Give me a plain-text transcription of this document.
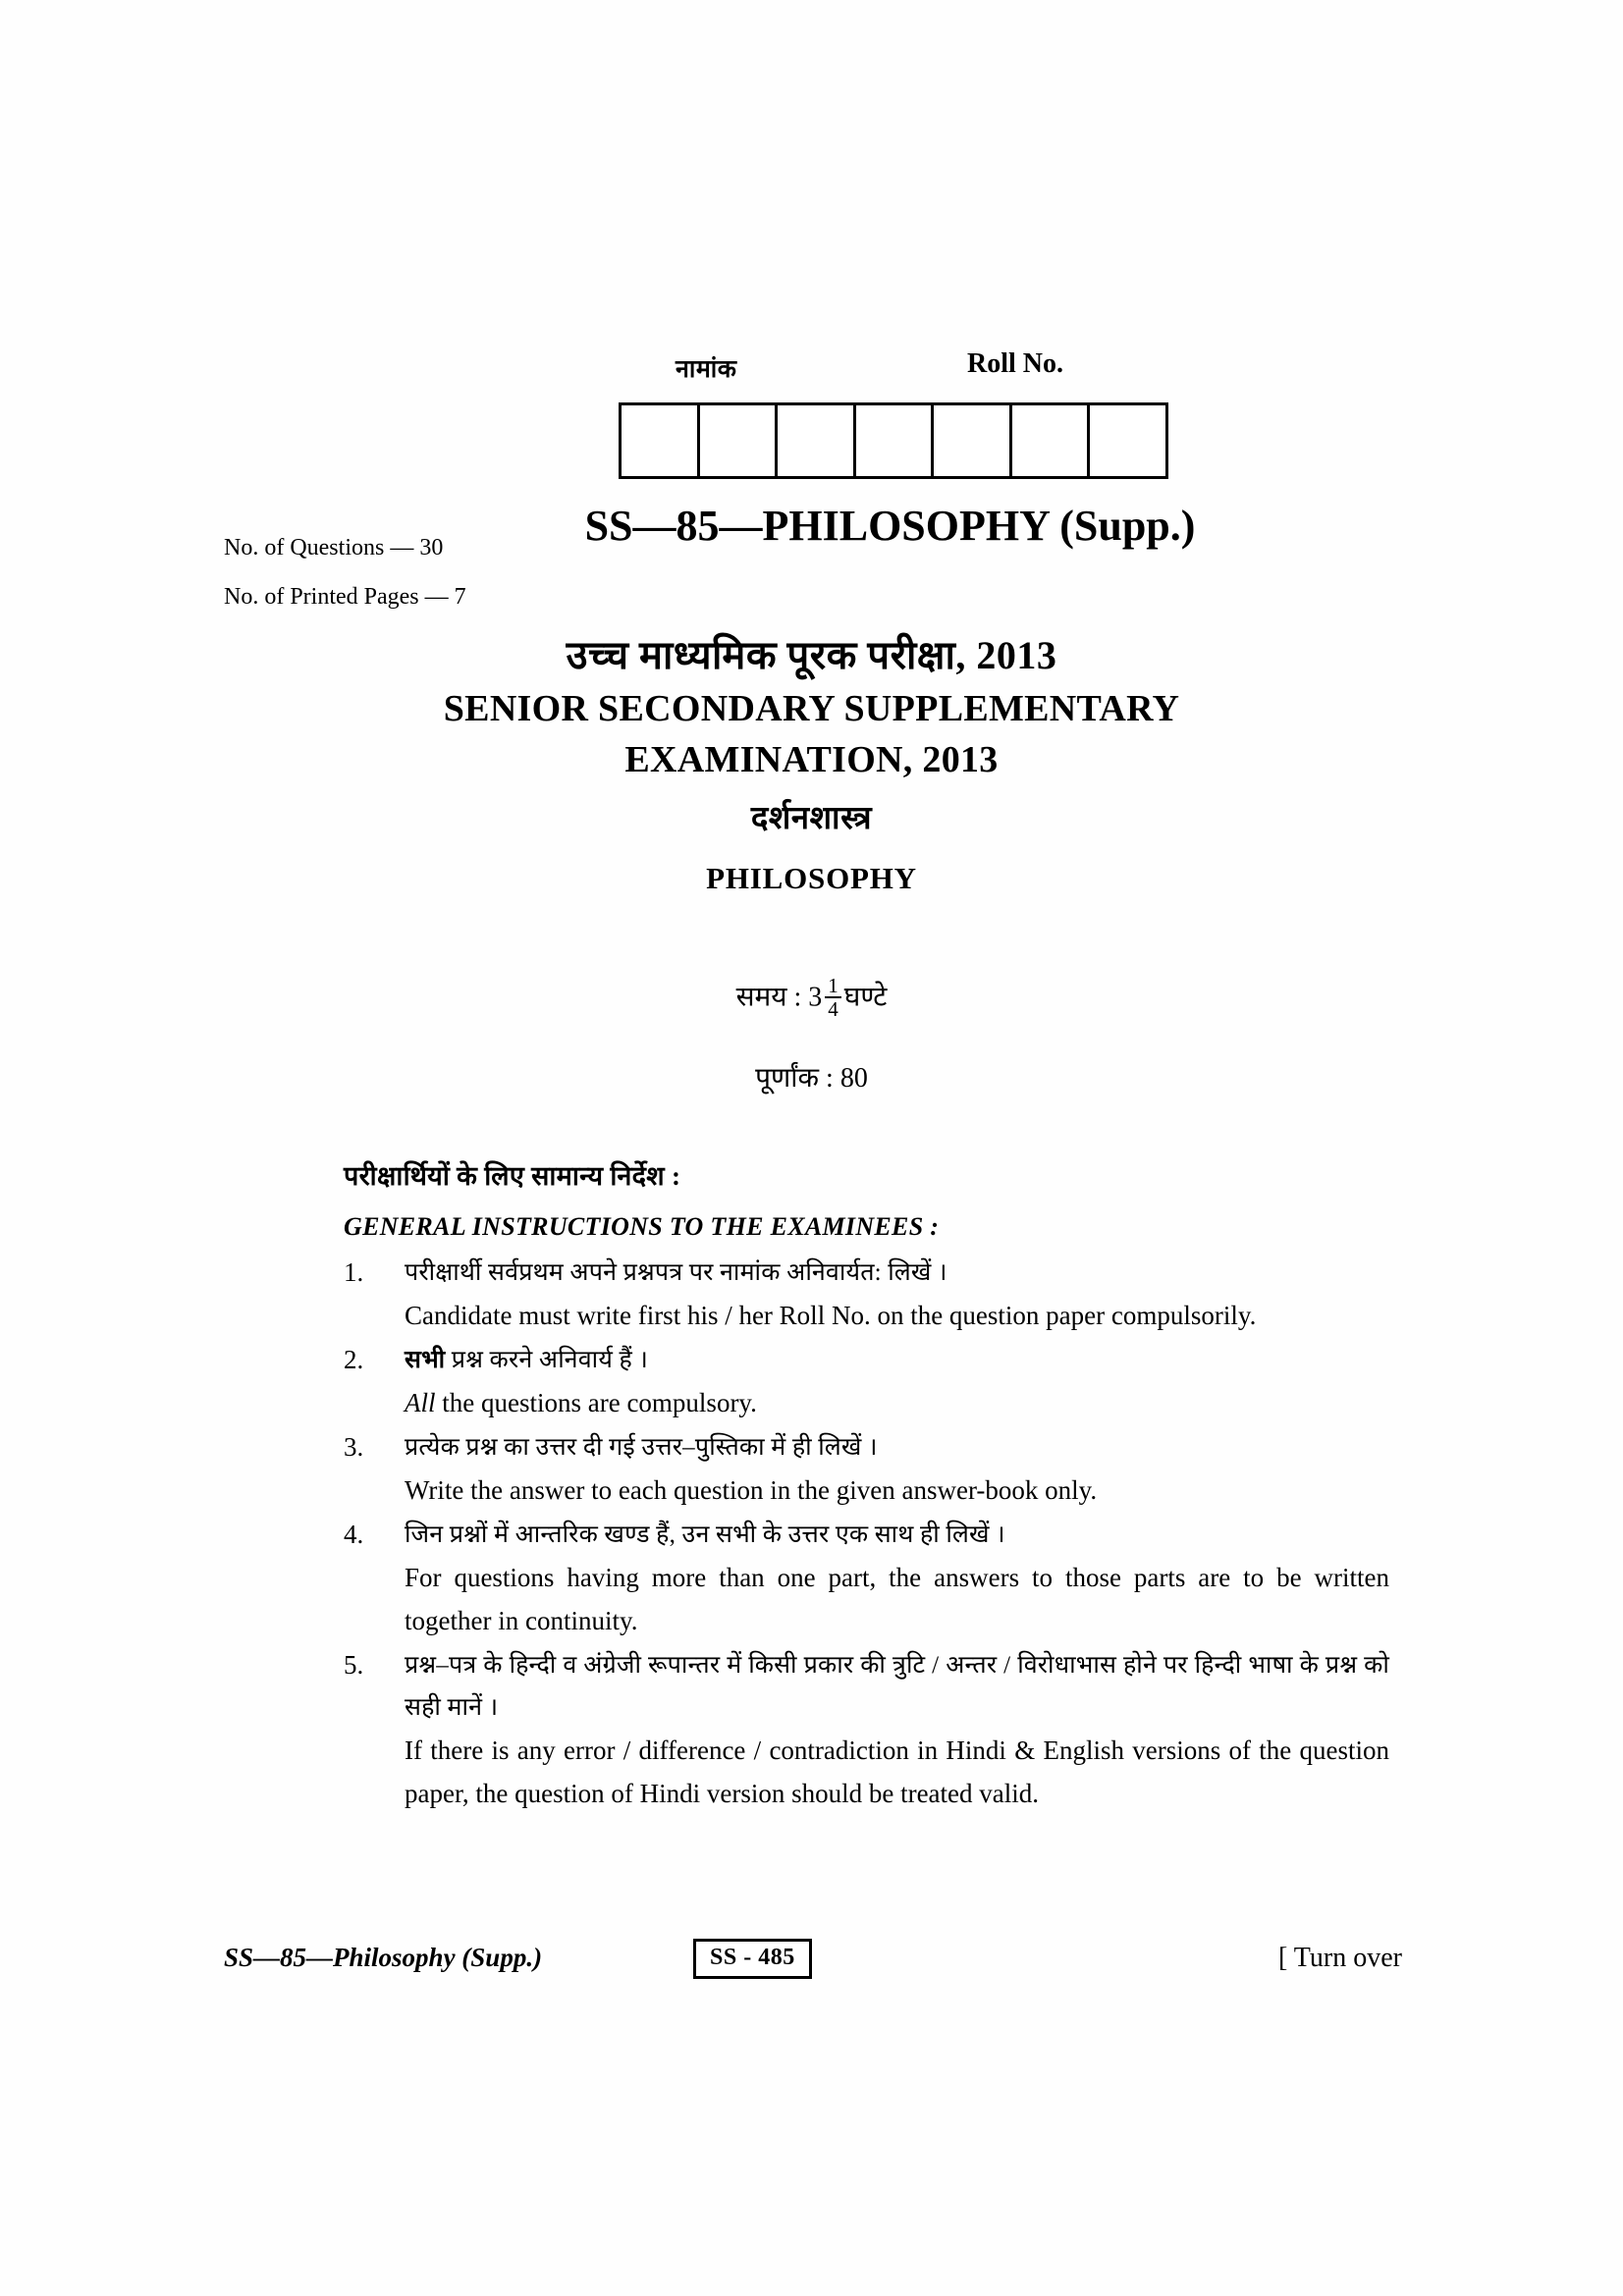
नामांक	Roll No.
No. of Questions — 30
No. of Printed Pages — 7
SS—85—PHILOSOPHY (Supp.)
उच्च माध्यमिक पूरक परीक्षा, 2013
SENIOR SECONDARY SUPPLEMENTARY
EXAMINATION, 2013
दर्शनशास्त्र
PHILOSOPHY
समय : $3 \frac{1}{4}$ घण्टे
पूर्णांक : 80
परीक्षार्थियों के लिए सामान्य निर्देश :
GENERAL INSTRUCTIONS TO THE EXAMINEES :
1.	परीक्षार्थी सर्वप्रथम अपने प्रश्नपत्र पर नामांक अनिवार्यत: लिखें ।
Candidate must write first his / her Roll No. on the question paper compulsorily.
2.	सभी प्रश्न करने अनिवार्य हैं ।
All the questions are compulsory.
3.	प्रत्येक प्रश्न का उत्तर दी गई उत्तर–पुस्तिका में ही लिखें ।
Write the answer to each question in the given answer-book only.
4.	जिन प्रश्नों में आन्तरिक खण्ड हैं, उन सभी के उत्तर एक साथ ही लिखें ।
For questions having more than one part, the answers to those parts are to be written together in continuity.
5.	प्रश्न–पत्र के हिन्दी व अंग्रेजी रूपान्तर में किसी प्रकार की त्रुटि / अन्तर / विरोधाभास होने पर हिन्दी भाषा के प्रश्न को सही मानें ।
If there is any error / difference / contradiction in Hindi & English versions of the question paper, the question of Hindi version should be treated valid.
SS—85—Philosophy (Supp.)	SS - 485	[ Turn over
